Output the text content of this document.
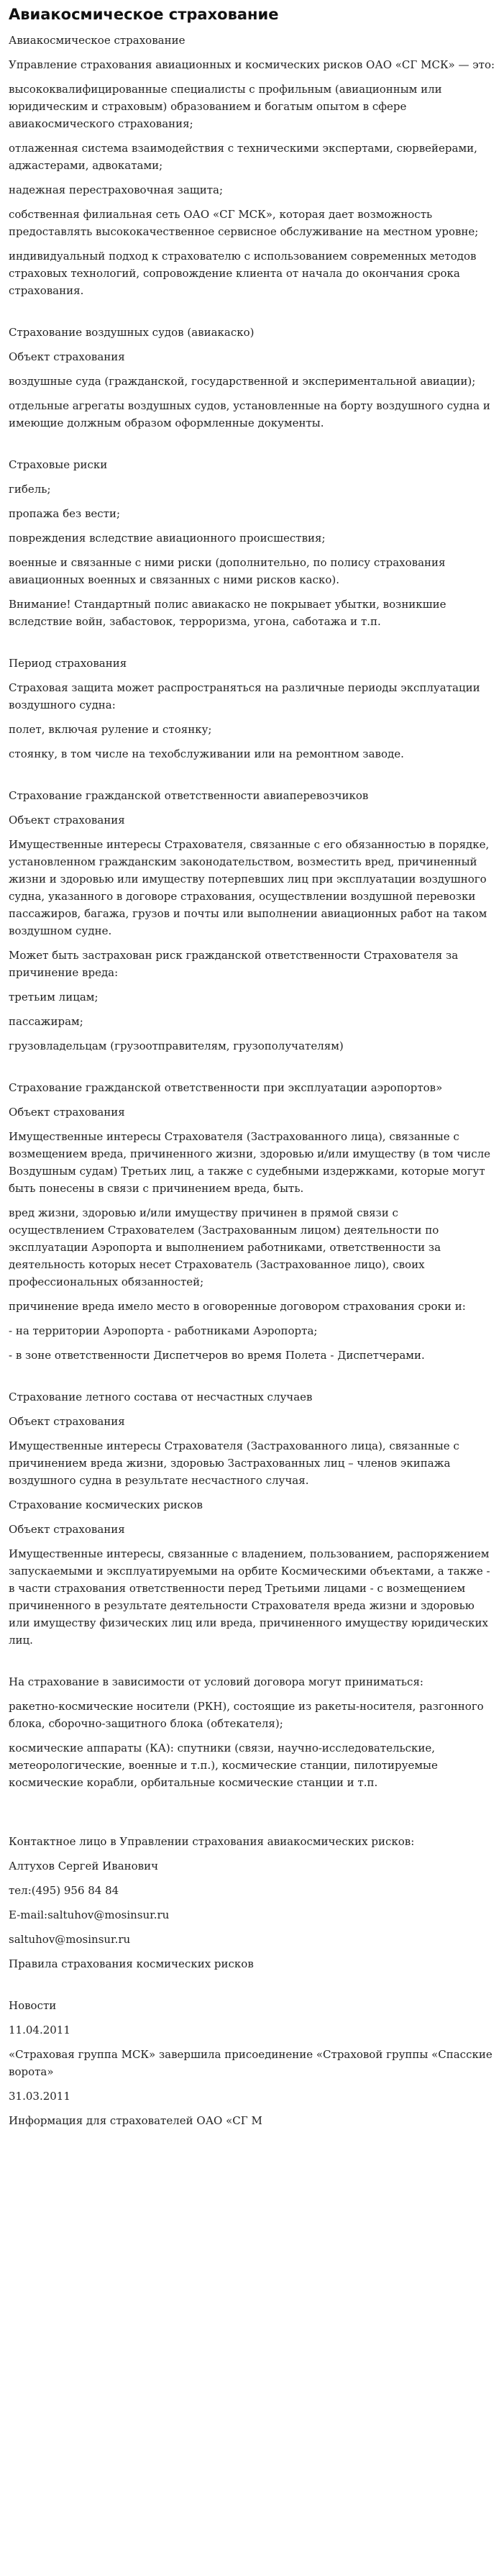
Авиакосмическое страхование

Авиакосмическое страхование

Управление страхования авиационных и космических рисков ОАО «СГ МСК» — это:

высококвалифицированные специалисты с профильным (авиационным или юридическим и страховым) образованием и богатым опытом в сфере авиакосмического страхования;

отлаженная система взаимодействия с техническими экспертами, сюрвейерами, аджастерами, адвокатами;

надежная перестраховочная защита;

собственная филиальная сеть ОАО «СГ МСК», которая дает возможность предоставлять высококачественное сервисное обслуживание на местном уровне;

индивидуальный подход к страхователю с использованием современных методов страховых технологий, сопровождение клиента от начала до окончания срока страхования.

Страхование воздушных судов (авиакаско)

Объект страхования

воздушные суда (гражданской, государственной и экспериментальной авиации);

отдельные агрегаты воздушных судов, установленные на борту воздушного судна и имеющие должным образом оформленные документы.

Страховые риски

гибель;

пропажа без вести;

повреждения вследствие авиационного происшествия;

военные и связанные с ними риски (дополнительно, по полису страхования авиационных военных и связанных с ними рисков каско).

Внимание! Стандартный полис авиакаско не покрывает убытки, возникшие вследствие войн, забастовок, терроризма, угона, саботажа и т.п.

Период страхования

Страховая защита может распространяться на различные периоды эксплуатации воздушного судна:

полет, включая руление и стоянку;

стоянку, в том числе на техобслуживании или на ремонтном заводе.

Страхование гражданской ответственности авиаперевозчиков

Объект страхования

Имущественные интересы Страхователя, связанные с его обязанностью в порядке, установленном гражданским законодательством, возместить вред, причиненный жизни и здоровью или имуществу потерпевших лиц при эксплуатации воздушного судна, указанного в договоре страхования, осуществлении воздушной перевозки пассажиров, багажа, грузов и почты или выполнении авиационных работ на таком воздушном судне.

Может быть застрахован риск гражданской ответственности Страхователя за причинение вреда:

третьим лицам;

пассажирам;

грузовладельцам (грузоотправителям, грузополучателям)

Страхование гражданской ответственности при эксплуатации аэропортов»

Объект страхования

Имущественные интересы Страхователя (Застрахованного лица), связанные с возмещением вреда, причиненного жизни, здоровью и/или имуществу (в том числе Воздушным судам) Третьих лиц, а также с судебными издержками, которые могут быть понесены в связи с причинением вреда, быть.

вред жизни, здоровью и/или имуществу причинен в прямой связи с осуществлением Страхователем (Застрахованным лицом) деятельности по эксплуатации Аэропорта и выполнением работниками, ответственности за деятельность которых несет Страхователь (Застрахованное лицо), своих профессиональных обязанностей;

причинение вреда имело место в оговоренные договором страхования сроки и:

- на территории Аэропорта - работниками Аэропорта;

- в зоне ответственности Диспетчеров во время Полета - Диспетчерами.

Страхование летного состава от несчастных случаев

Объект страхования

Имущественные интересы Страхователя (Застрахованного лица), связанные с причинением вреда жизни, здоровью Застрахованных лиц – членов экипажа воздушного судна в результате несчастного случая.

Страхование космических рисков

Объект страхования

Имущественные интересы, связанные с владением, пользованием, распоряжением запускаемыми и эксплуатируемыми на орбите Космическими объектами, а также - в части страхования ответственности перед Третьими лицами - с возмещением причиненного в результате деятельности Страхователя вреда жизни и здоровью или имуществу физических лиц или вреда, причиненного имуществу юридических лиц.

На страхование в зависимости от условий договора могут приниматься:

ракетно-космические носители (РКН), состоящие из ракеты-носителя, разгонного блока, сборочно-защитного блока (обтекателя);

космические аппараты (КА): спутники (связи, научно-исследовательские, метеорологические, военные и т.п.), космические станции, пилотируемые космические корабли, орбитальные космические станции и т.п.

Контактное лицо в Управлении страхования авиакосмических рисков:

Алтухов Сергей Иванович

тел:(495) 956 84 84

E-mail:saltuhov@mosinsur.ru

saltuhov@mosinsur.ru

Правила страхования космических рисков

Новости

11.04.2011

«Страховая группа МСК» завершила присоединение «Страховой группы «Спасские ворота»

31.03.2011

Информация для страхователей ОАО «СГ М
